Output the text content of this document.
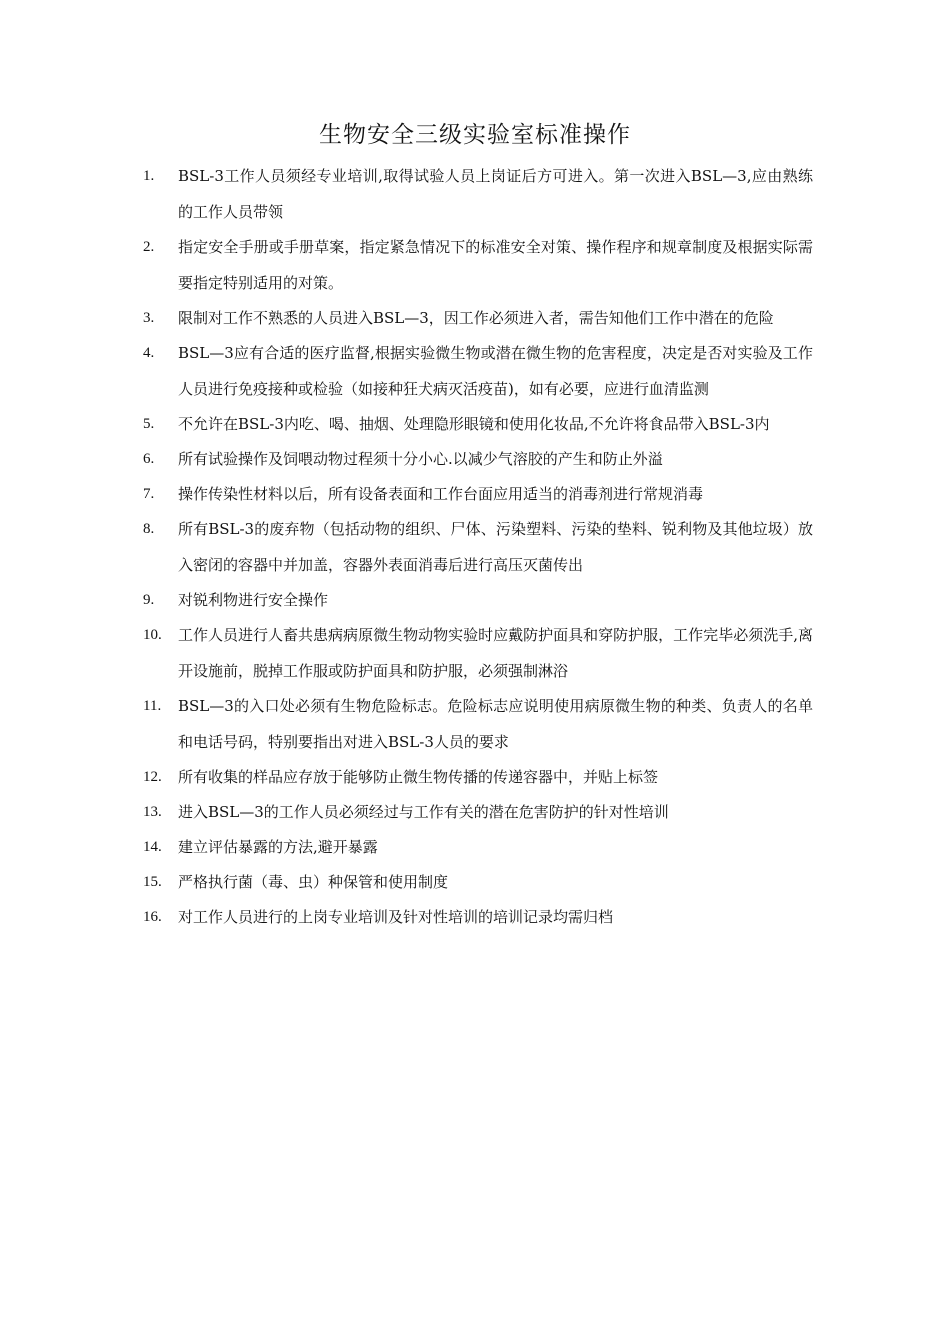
生物安全三级实验室标准操作
1. BSL-3工作人员须经专业培训,取得试验人员上岗证后方可进入。第一次进入BSL—3,应由熟练的工作人员带领
2. 指定安全手册或手册草案，指定紧急情况下的标准安全对策、操作程序和规章制度及根据实际需要指定特别适用的对策。
3. 限制对工作不熟悉的人员进入BSL—3，因工作必须进入者，需告知他们工作中潜在的危险
4. BSL—3应有合适的医疗监督,根据实验微生物或潜在微生物的危害程度，决定是否对实验及工作人员进行免疫接种或检验（如接种狂犬病灭活疫苗)，如有必要，应进行血清监测
5. 不允许在BSL-3内吃、喝、抽烟、处理隐形眼镜和使用化妆品,不允许将食品带入BSL-3内
6. 所有试验操作及饲喂动物过程须十分小心.以减少气溶胶的产生和防止外溢
7. 操作传染性材料以后，所有设备表面和工作台面应用适当的消毒剂进行常规消毒
8. 所有BSL-3的废弃物（包括动物的组织、尸体、污染塑料、污染的垫料、锐利物及其他垃圾）放入密闭的容器中并加盖，容器外表面消毒后进行高压灭菌传出
9. 对锐利物进行安全操作
10. 工作人员进行人畜共患病病原微生物动物实验时应戴防护面具和穿防护服，工作完毕必须洗手,离开设施前，脱掉工作服或防护面具和防护服，必须强制淋浴
11. BSL—3的入口处必须有生物危险标志。危险标志应说明使用病原微生物的种类、负责人的名单和电话号码，特别要指出对进入BSL-3人员的要求
12. 所有收集的样品应存放于能够防止微生物传播的传递容器中，并贴上标签
13. 进入BSL—3的工作人员必须经过与工作有关的潜在危害防护的针对性培训
14. 建立评估暴露的方法,避开暴露
15. 严格执行菌（毒、虫）种保管和使用制度
16. 对工作人员进行的上岗专业培训及针对性培训的培训记录均需归档
